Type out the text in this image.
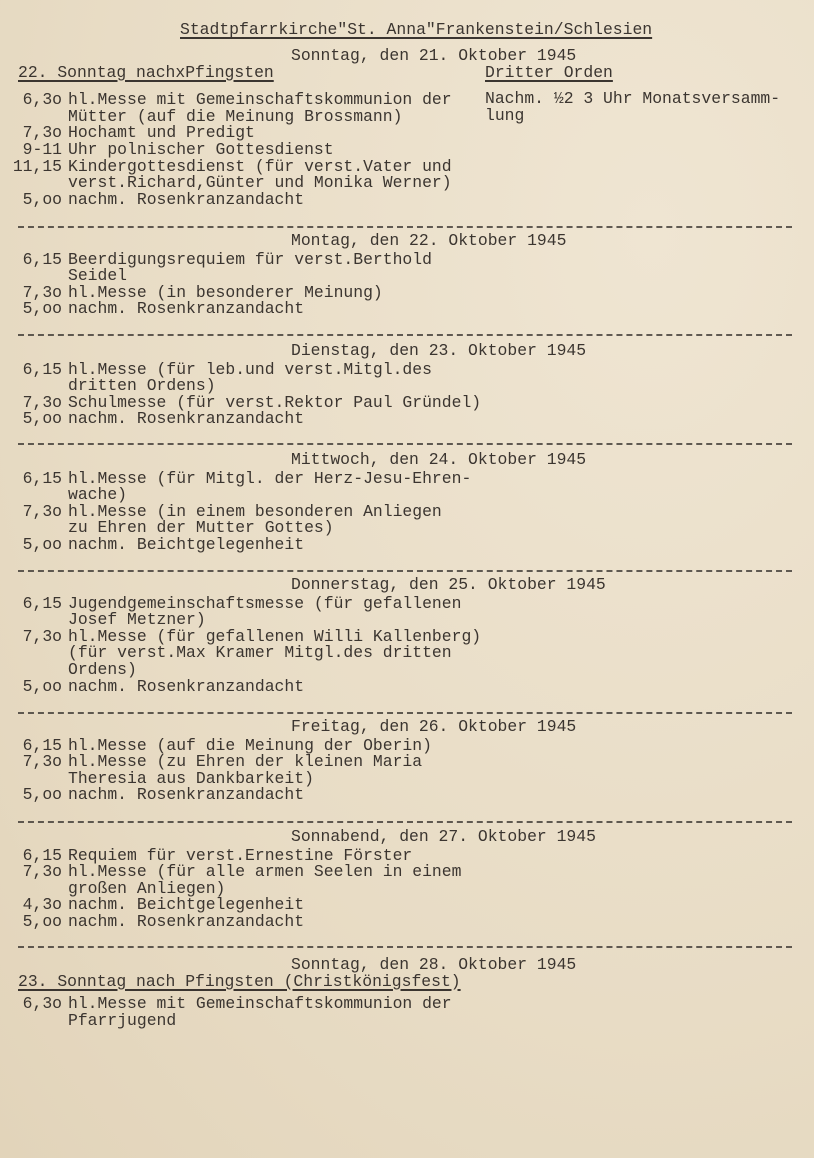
Stadtpfarrkirche"St. Anna"Frankenstein/Schlesien
Dritter Orden
Nachm. ½2 3 Uhr Monatsversamm-
lung
Sonntag, den 21. Oktober 1945
22. Sonntag nachxPfingsten
6,3o hl.Messe mit Gemeinschaftskommunion der
Mütter (auf die Meinung Brossmann)
7,3o Hochamt und Predigt
9-11 Uhr polnischer Gottesdienst
11,15 Kindergottesdienst (für verst.Vater und
verst.Richard,Günter und Monika Werner)
5,oo nachm. Rosenkranzandacht
Montag, den 22. Oktober 1945
6,15 Beerdigungsrequiem für verst.Berthold
Seidel
7,3o hl.Messe (in besonderer Meinung)
5,oo nachm. Rosenkranzandacht
Dienstag, den 23. Oktober 1945
6,15 hl.Messe (für leb.und verst.Mitgl.des
dritten Ordens)
7,3o Schulmesse (für verst.Rektor Paul Gründel)
5,oo nachm. Rosenkranzandacht
Mittwoch, den 24. Oktober 1945
6,15 hl.Messe (für Mitgl. der Herz-Jesu-Ehren-
wache)
7,3o hl.Messe (in einem besonderen Anliegen
zu Ehren der Mutter Gottes)
5,oo nachm. Beichtgelegenheit
Donnerstag, den 25. Oktober 1945
6,15 Jugendgemeinschaftsmesse (für gefallenen
Josef Metzner)
7,3o hl.Messe (für gefallenen Willi Kallenberg)
(für verst.Max Kramer Mitgl.des dritten
Ordens)
5,oo nachm. Rosenkranzandacht
Freitag, den 26. Oktober 1945
6,15 hl.Messe (auf die Meinung der Oberin)
7,3o hl.Messe (zu Ehren der kleinen Maria
Theresia aus Dankbarkeit)
5,oo nachm. Rosenkranzandacht
Sonnabend, den 27. Oktober 1945
6,15 Requiem für verst.Ernestine Förster
7,3o hl.Messe (für alle armen Seelen in einem
großen Anliegen)
4,3o nachm. Beichtgelegenheit
5,oo nachm. Rosenkranzandacht
Sonntag, den 28. Oktober 1945
23. Sonntag nach Pfingsten (Christkönigsfest)
6,3o hl.Messe mit Gemeinschaftskommunion der
Pfarrjugend
